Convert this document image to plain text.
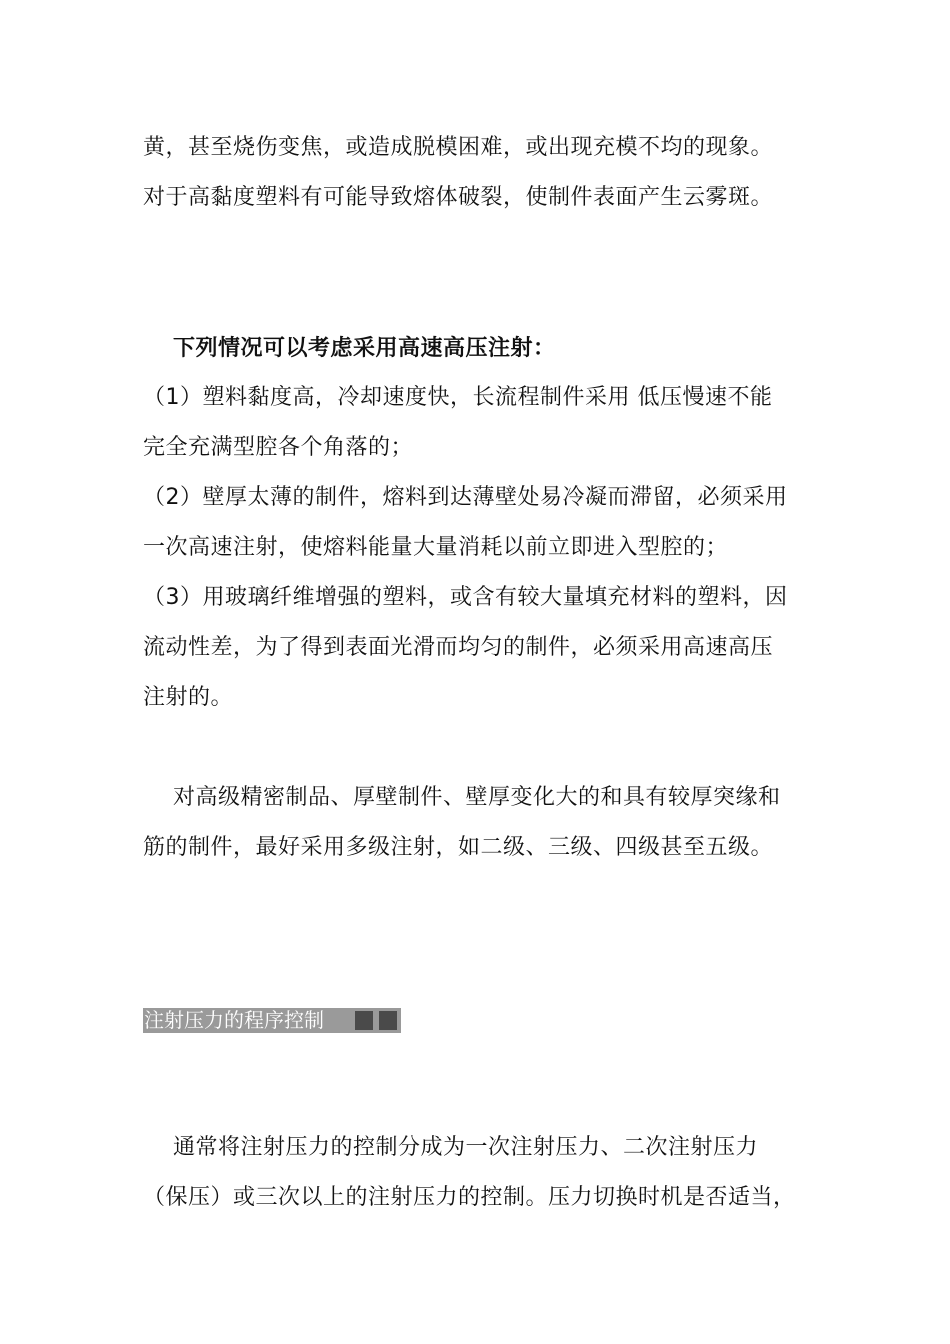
黄，甚至烧伤变焦，或造成脱模困难，或出现充模不均的现象。
对于高黏度塑料有可能导致熔体破裂，使制件表面产生云雾斑。
下列情况可以考虑采用高速高压注射：
（1）塑料黏度高，冷却速度快，长流程制件采用 低压慢速不能
完全充满型腔各个角落的；
（2）壁厚太薄的制件，熔料到达薄壁处易冷凝而滞留，必须采用
一次高速注射，使熔料能量大量消耗以前立即进入型腔的；
（3）用玻璃纤维增强的塑料，或含有较大量填充材料的塑料，因
流动性差，为了得到表面光滑而均匀的制件，必须采用高速高压
注射的。
对高级精密制品、厚壁制件、壁厚变化大的和具有较厚突缘和
筋的制件，最好采用多级注射，如二级、三级、四级甚至五级。
注射压力的程序控制
通常将注射压力的控制分成为一次注射压力、二次注射压力
（保压）或三次以上的注射压力的控制。压力切换时机是否适当，
